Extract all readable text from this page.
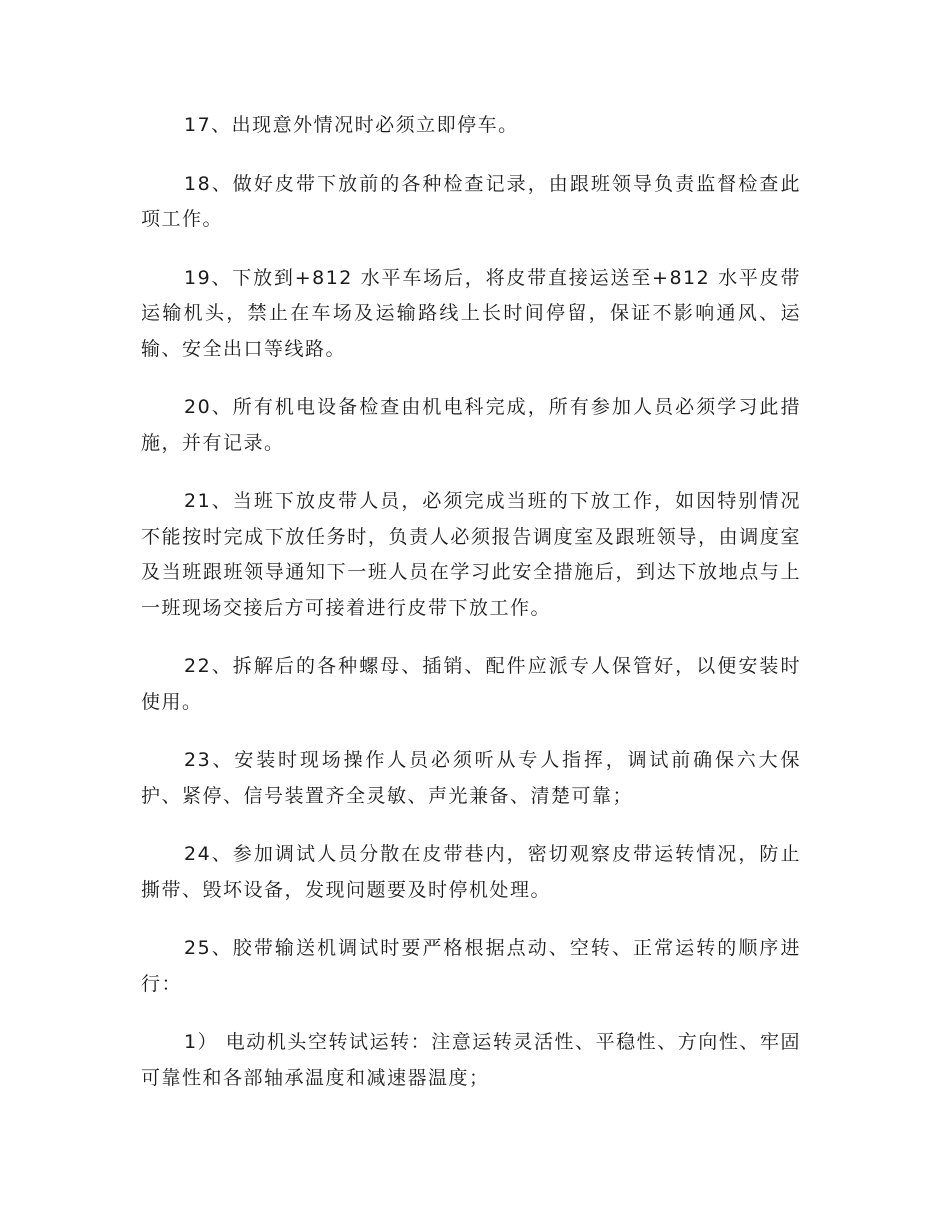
17、出现意外情况时必须立即停车。

18、做好皮带下放前的各种检查记录，由跟班领导负责监督检查此项工作。

19、下放到+812 水平车场后，将皮带直接运送至+812 水平皮带运输机头，禁止在车场及运输路线上长时间停留，保证不影响通风、运输、安全出口等线路。

20、所有机电设备检查由机电科完成，所有参加人员必须学习此措施，并有记录。

21、当班下放皮带人员，必须完成当班的下放工作，如因特别情况不能按时完成下放任务时，负责人必须报告调度室及跟班领导，由调度室及当班跟班领导通知下一班人员在学习此安全措施后，到达下放地点与上一班现场交接后方可接着进行皮带下放工作。

22、拆解后的各种螺母、插销、配件应派专人保管好，以便安装时使用。

23、安装时现场操作人员必须听从专人指挥，调试前确保六大保护、紧停、信号装置齐全灵敏、声光兼备、清楚可靠；

24、参加调试人员分散在皮带巷内，密切观察皮带运转情况，防止撕带、毁坏设备，发现问题要及时停机处理。

25、胶带输送机调试时要严格根据点动、空转、正常运转的顺序进行：

1） 电动机头空转试运转：注意运转灵活性、平稳性、方向性、牢固可靠性和各部轴承温度和减速器温度；
